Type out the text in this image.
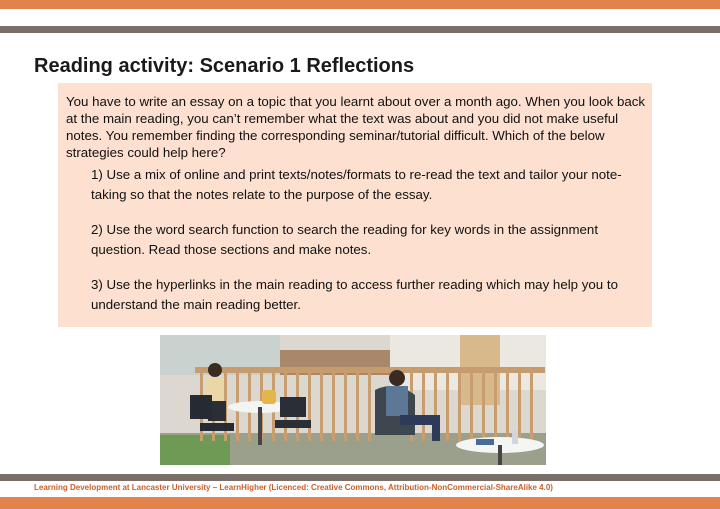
Reading activity: Scenario 1 Reflections
You have to write an essay on a topic that you learnt about over a month ago. When you look back at the main reading, you can’t remember what the text was about and you did not make useful notes. You remember finding the corresponding seminar/tutorial difficult. Which of the below strategies could help here?
1) Use a mix of online and print texts/notes/formats to re-read the text and tailor your note- taking so that the notes relate to the purpose of the essay.
2) Use the word search function to search the reading for key words in the assignment question. Read those sections and make notes.
3) Use the hyperlinks in the main reading to access further reading which may help you to understand the main reading better.
Learning Development at Lancaster University – LearnHigher (Licenced: Creative Commons, Attribution-NonCommercial-ShareAlike 4.0)
